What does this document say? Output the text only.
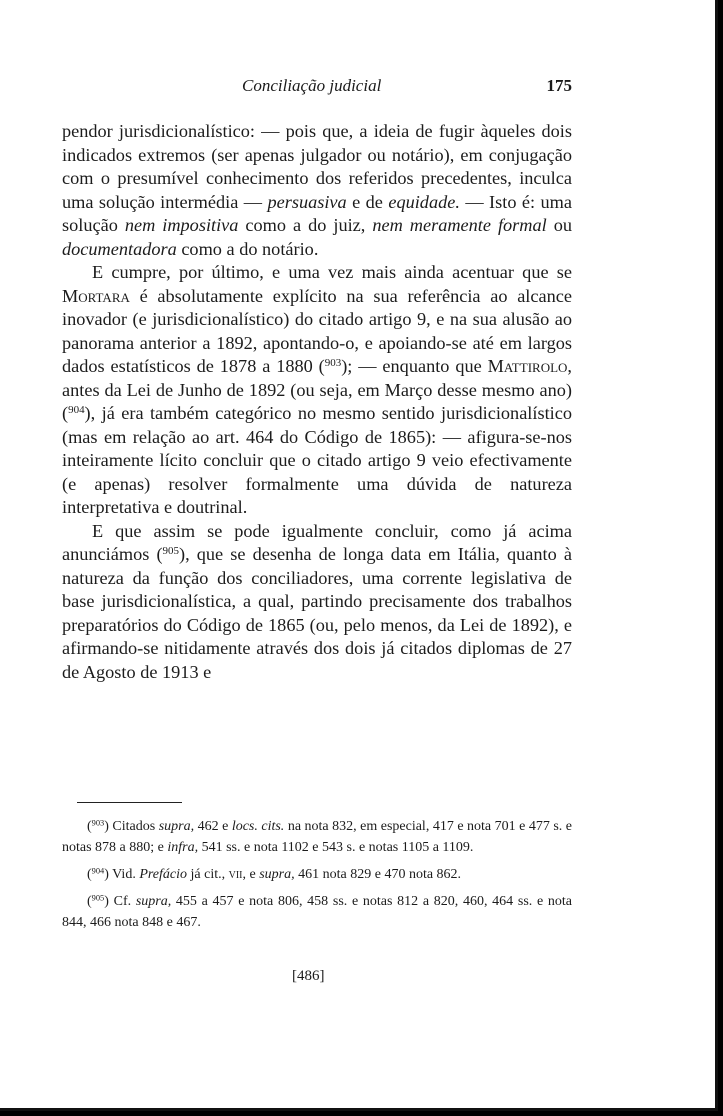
Conciliação judicial	175

pendor jurisdicionalístico: — pois que, a ideia de fugir àqueles dois indicados extremos (ser apenas julgador ou notário), em conjugação com o presumível conhecimento dos referidos precedentes, inculca uma solução intermédia — persuasiva e de equidade. — Isto é: uma solução nem impositiva como a do juiz, nem meramente formal ou documentadora como a do notário.

E cumpre, por último, e uma vez mais ainda acentuar que se Mortara é absolutamente explícito na sua referência ao alcance inovador (e jurisdicionalístico) do citado artigo 9, e na sua alusão ao panorama anterior a 1892, apontando-o, e apoiando-se até em largos dados estatísticos de 1878 a 1880 ($^{903}$); — enquanto que Mattirolo, antes da Lei de Junho de 1892 (ou seja, em Março desse mesmo ano) ($^{904}$), já era também categórico no mesmo sentido jurisdicionalístico (mas em relação ao art. 464 do Código de 1865): — afigura-se-nos inteiramente lícito concluir que o citado artigo 9 veio efectivamente (e apenas) resolver formalmente uma dúvida de natureza interpretativa e doutrinal.

E que assim se pode igualmente concluir, como já acima anunciámos ($^{905}$), que se desenha de longa data em Itália, quanto à natureza da função dos conciliadores, uma corrente legislativa de base jurisdicionalística, a qual, partindo precisamente dos trabalhos preparatórios do Código de 1865 (ou, pelo menos, da Lei de 1892), e afirmando-se nitidamente através dos dois já citados diplomas de 27 de Agosto de 1913 e

($^{903}$) Citados supra, 462 e locs. cits. na nota 832, em especial, 417 e nota 701 e 477 s. e notas 878 a 880; e infra, 541 ss. e nota 1102 e 543 s. e notas 1105 a 1109.

($^{904}$) Vid. Prefácio já cit., vii, e supra, 461 nota 829 e 470 nota 862.

($^{905}$) Cf. supra, 455 a 457 e nota 806, 458 ss. e notas 812 a 820, 460, 464 ss. e nota 844, 466 nota 848 e 467.

[486]
